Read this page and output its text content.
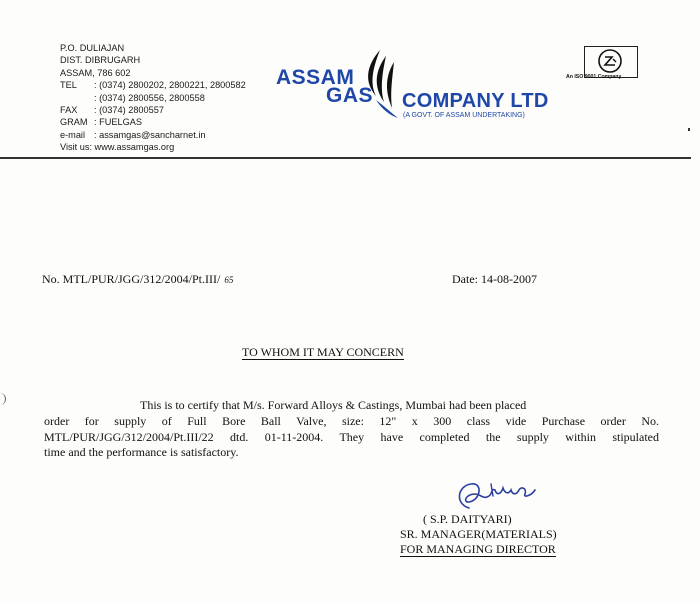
P.O. DULIAJAN
DIST. DIBRUGARH
ASSAM, 786 602
TEL : (0374) 2800202, 2800221, 2800582
: (0374) 2800556, 2800558
FAX : (0374) 2800557
GRAM : FUELGAS
e-mail : assamgas@sancharnet.in
Visit us: www.assamgas.org
ASSAM
GAS COMPANY LTD
(A GOVT. OF ASSAM UNDERTAKING)
An ISO 9001 Company
No. MTL/PUR/JGG/312/2004/Pt.III/ 65	Date: 14-08-2007
TO WHOM IT MAY CONCERN
This is to certify that M/s. Forward Alloys & Castings, Mumbai had been placed
order for supply of Full Bore Ball Valve, size: 12" x 300 class vide Purchase order No.
MTL/PUR/JGG/312/2004/Pt.III/22 dtd. 01-11-2004. They have completed the supply within stipulated
time and the performance is satisfactory.
( S.P. DAITYARI)
SR. MANAGER(MATERIALS)
FOR MANAGING DIRECTOR
